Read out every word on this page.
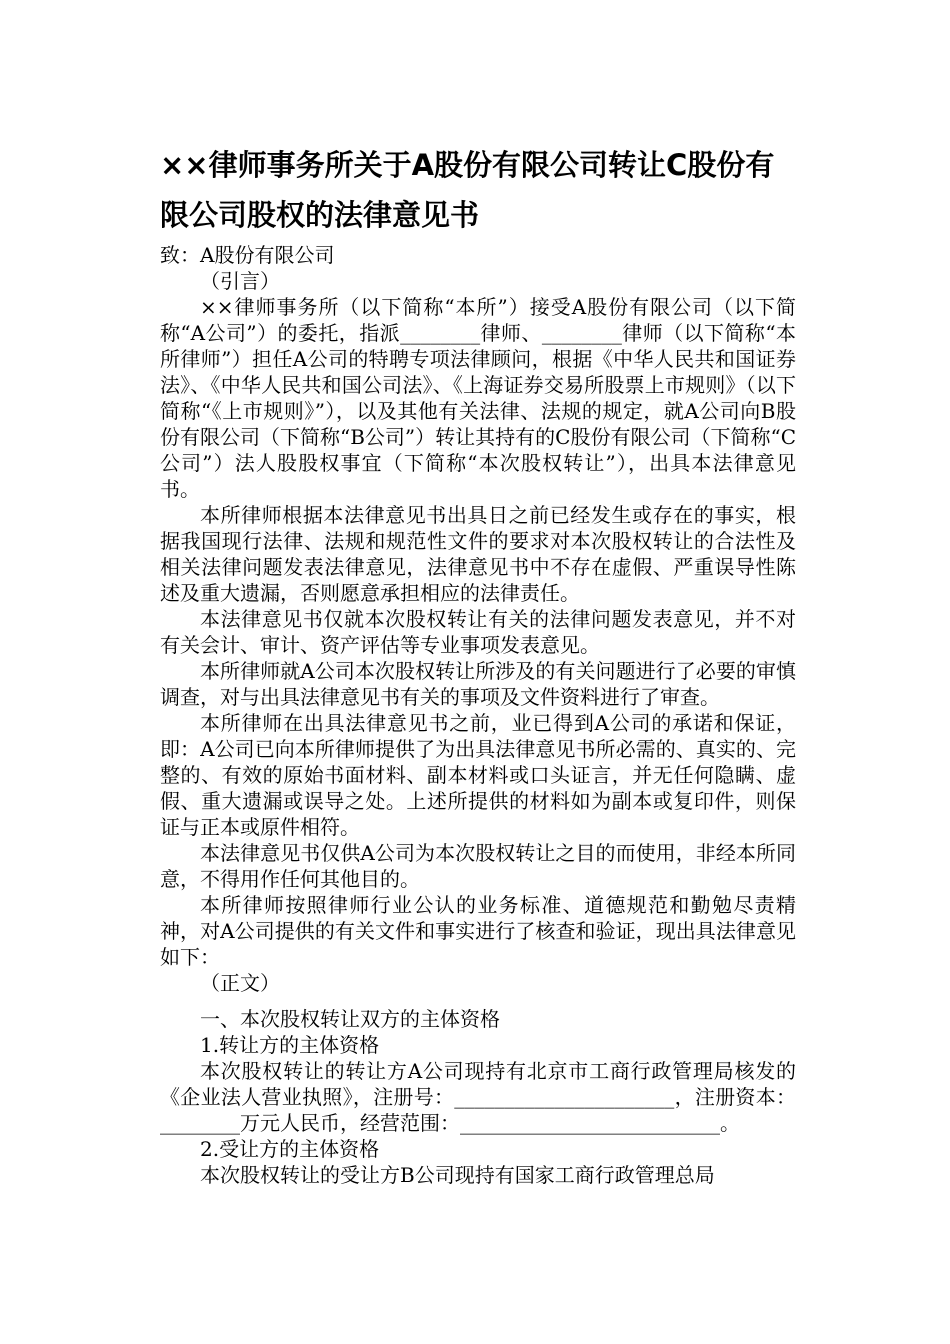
××律师事务所关于A股份有限公司转让C股份有限公司股权的法律意见书

致：A股份有限公司

（引言）

××律师事务所（以下简称“本所”）接受A股份有限公司（以下简称“A公司”）的委托，指派________律师、________律师（以下简称“本所律师”）担任A公司的特聘专项法律顾问，根据《中华人民共和国证券法》、《中华人民共和国公司法》、《上海证券交易所股票上市规则》（以下简称“《上市规则》”），以及其他有关法律、法规的规定，就A公司向B股份有限公司（下简称“B公司”）转让其持有的C股份有限公司（下简称“C公司”）法人股股权事宜（下简称“本次股权转让”），出具本法律意见书。

本所律师根据本法律意见书出具日之前已经发生或存在的事实，根据我国现行法律、法规和规范性文件的要求对本次股权转让的合法性及相关法律问题发表法律意见，法律意见书中不存在虚假、严重误导性陈述及重大遗漏，否则愿意承担相应的法律责任。

本法律意见书仅就本次股权转让有关的法律问题发表意见，并不对有关会计、审计、资产评估等专业事项发表意见。

本所律师就A公司本次股权转让所涉及的有关问题进行了必要的审慎调查，对与出具法律意见书有关的事项及文件资料进行了审查。

本所律师在出具法律意见书之前，业已得到A公司的承诺和保证，即：A公司已向本所律师提供了为出具法律意见书所必需的、真实的、完整的、有效的原始书面材料、副本材料或口头证言，并无任何隐瞒、虚假、重大遗漏或误导之处。上述所提供的材料如为副本或复印件，则保证与正本或原件相符。

本法律意见书仅供A公司为本次股权转让之目的而使用，非经本所同意，不得用作任何其他目的。

本所律师按照律师行业公认的业务标准、道德规范和勤勉尽责精神，对A公司提供的有关文件和事实进行了核查和验证，现出具法律意见如下：

（正文）

一、本次股权转让双方的主体资格

1.转让方的主体资格

本次股权转让的转让方A公司现持有北京市工商行政管理局核发的《企业法人营业执照》，注册号：______________________，注册资本：________万元人民币，经营范围：__________________________。

2.受让方的主体资格

本次股权转让的受让方B公司现持有国家工商行政管理总局
